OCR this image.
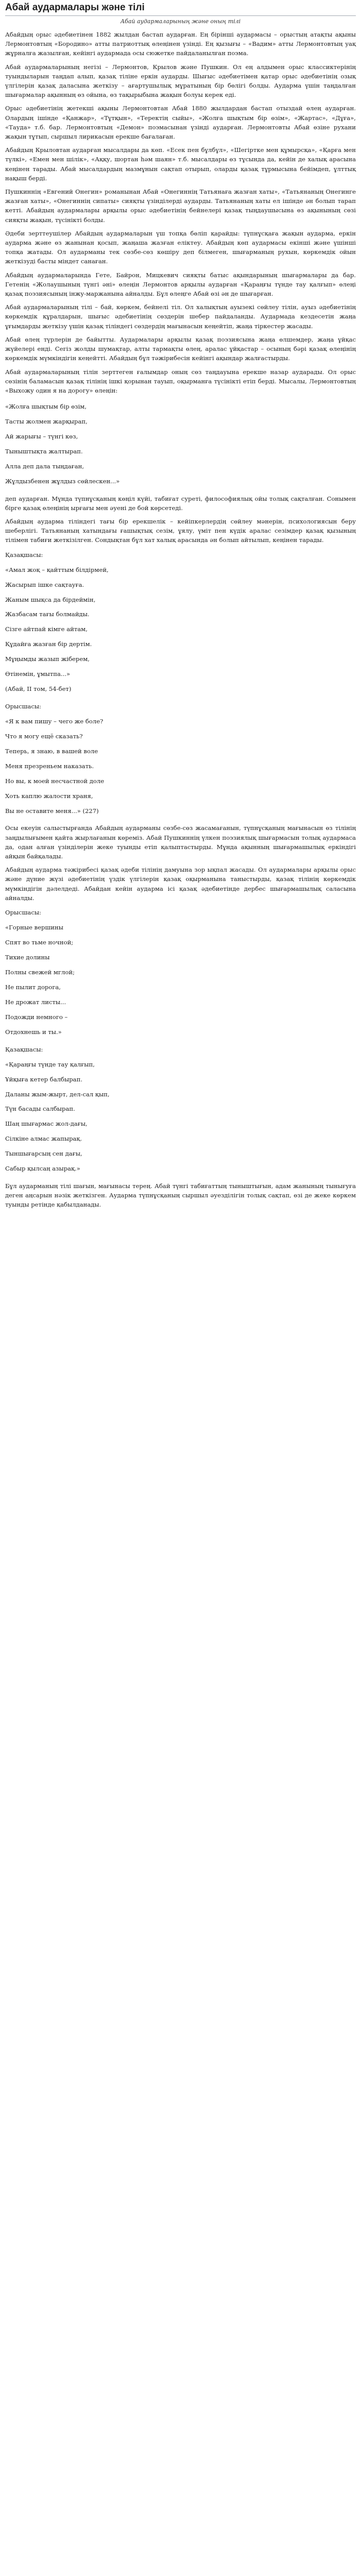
Абай аудармалары және тілі
Абай аудармаларының және оның тілі
Абайдың орыс әдебиетінен 1882 жылдан бастап аударған. Ең бірінші аудармасы – орыстың атақты ақыны Лермонтовтың «Бородино» атты патриоттық өлеңінен үзінді. Ең қызығы – «Вадим» атты Лермонтовтың уақ жұрналға жазылған, кейінгі аудармада осы сюжетке пайдаланылған поэма.
Абай аудармаларының негізі – Лермонтов, Крылов және Пушкин. Ол ең алдымен орыс классиктерінің туындыларын таңдап алып, қазақ тіліне еркін аударды. Шығыс әдебиетімен қатар орыс әдебиетінің озық үлгілерін қазақ даласына жеткізу – ағартушылық мұратының бір бөлігі болды. Аударма үшін таңдалған шығармалар ақынның өз ойына, өз тақырыбына жақын болуы керек еді.
Орыс әдебиетінің жетекші ақыны Лермонтовтан Абай 1880 жылдардан бастап отыздай өлең аударған. Олардың ішінде «Қанжар», «Тұтқын», «Теректің сыйы», «Жолға шықтым бір өзім», «Жартас», «Дұға», «Тауда» т.б. бар. Лермонтовтың «Демон» поэмасынан үзінді аударған. Лермонтовты Абай өзіне рухани жақын тұтып, сыршыл лирикасын ерекше бағалаған.
Абайдың Крыловтан аударған мысалдары да көп. «Есек пен бұлбұл», «Шегіртке мен құмырсқа», «Қарға мен түлкі», «Емен мен шілік», «Аққу, шортан һәм шаян» т.б. мысалдары өз тұсында да, кейін де халық арасына кеңінен тарады. Абай мысалдардың мазмұнын сақтап отырып, оларды қазақ тұрмысына бейімдеп, ұлттық нақыш берді.
Пушкиннің «Евгений Онегин» романынан Абай «Онегиннің Татьянаға жазған хаты», «Татьянаның Онегинге жазған хаты», «Онегиннің сипаты» сияқты үзінділерді аударды. Татьянаның хаты ел ішінде ән болып тарап кетті. Абайдың аудармалары арқылы орыс әдебиетінің бейнелері қазақ тыңдаушысына өз ақынының сөзі сияқты жақын, түсінікті болды.
Әдеби зерттеушілер Абайдың аудармаларын үш топқа бөліп қарайды: түпнұсқаға жақын аударма, еркін аударма және өз жанынан қосып, жаңаша жазған еліктеу. Абайдың көп аудармасы екінші және үшінші топқа жатады. Ол аударманы тек сөзбе-сөз көшіру деп білмеген, шығарманың рухын, көркемдік ойын жеткізуді басты міндет санаған.
Абайдың аудармаларында Гете, Байрон, Мицкевич сияқты батыс ақындарының шығармалары да бар. Гетенің «Жолаушының түнгі әні» өлеңін Лермонтов арқылы аударған «Қараңғы түнде тау қалғып» өлеңі қазақ поэзиясының інжу-маржанына айналды. Бұл өлеңге Абай өзі ән де шығарған.
Абай аудармаларының тілі – бай, көркем, бейнелі тіл. Ол халықтың ауызекі сөйлеу тілін, ауыз әдебиетінің көркемдік құралдарын, шығыс әдебиетінің сөздерін шебер пайдаланды. Аудармада кездесетін жаңа ұғымдарды жеткізу үшін қазақ тіліндегі сөздердің мағынасын кеңейтіп, жаңа тіркестер жасады.
Абай өлең түрлерін де байытты. Аудармалары арқылы қазақ поэзиясына жаңа өлшемдер, жаңа ұйқас жүйелері енді. Сегіз жолды шумақтар, алты тармақты өлең, аралас ұйқастар – осының бәрі қазақ өлеңінің көркемдік мүмкіндігін кеңейтті. Абайдың бұл тәжірибесін кейінгі ақындар жалғастырды.
Абай аудармаларының тілін зерттеген ғалымдар оның сөз таңдауына ерекше назар аударады. Ол орыс сөзінің баламасын қазақ тілінің ішкі қорынан тауып, оқырманға түсінікті етіп берді. Мысалы, Лермонтовтың «Выхожу один я на дорогу» өлеңін:
«Жолға шықтым бір өзім,
Тасты жолмен жарқырап,
Ай жарығы – түнгі көз,
Тыныштықта жалтырап.
Алла деп дала тыңдаған,
Жұлдызбенен жұлдыз сөйлескен...»
деп аударған. Мұнда түпнұсқаның көңіл күйі, табиғат суреті, философиялық ойы толық сақталған. Сонымен бірге қазақ өлеңінің ырғағы мен әуені де бой көрсетеді.
Абайдың аударма тіліндегі тағы бір ерекшелік – кейіпкерлердің сөйлеу мәнерін, психологиясын беру шеберлігі. Татьянаның хатындағы ғашықтық сезім, ұялу, үміт пен күдік аралас сезімдер қазақ қызының тілімен табиғи жеткізілген. Сондықтан бұл хат халық арасында ән болып айтылып, кеңінен тарады.
Қазақшасы:
«Амал жоқ – қайттым білдірмей,
Жасырып ішке сақтауға.
Жаным шықса да бірдеймін,
Жазбасам тағы болмайды.
Сізге айтпай кімге айтам,
Құдайға жазған бір дертім.
Мұңымды жазып жіберем,
Өтінемін, ұмытпа...»
(Абай, II том, 54-бет)
Орысшасы:
«Я к вам пишу – чего же боле?
Что я могу ещё сказать?
Теперь, я знаю, в вашей воле
Меня презреньем наказать.
Но вы, к моей несчастной доле
Хоть каплю жалости храня,
Вы не оставите меня...» (227)
Осы екеуін салыстырғанда Абайдың аударманы сөзбе-сөз жасамағанын, түпнұсқаның мағынасын өз тілінің заңдылығымен қайта жырлағанын көреміз. Абай Пушкиннің үлкен поэзиялық шығармасын толық аудармаса да, одан алған үзінділерін жеке туынды етіп қалыптастырды. Мұнда ақынның шығармашылық еркіндігі айқын байқалады.
Абайдың аударма тәжірибесі қазақ әдеби тілінің дамуына зор ықпал жасады. Ол аудармалары арқылы орыс және дүние жүзі әдебиетінің үздік үлгілерін қазақ оқырманына таныстырды, қазақ тілінің көркемдік мүмкіндігін дәлелдеді. Абайдан кейін аударма ісі қазақ әдебиетінде дербес шығармашылық саласына айналды.
Орысшасы:
«Горные вершины
Спят во тьме ночной;
Тихие долины
Полны свежей мглой;
Не пылит дорога,
Не дрожат листы...
Подожди немного –
Отдохнешь и ты.»
Қазақшасы:
«Қараңғы түнде тау қалғып,
Ұйқыға кетер балбырап.
Даланы жым-жырт, дел-сал қып,
Түн басады салбырап.
Шаң шығармас жол-дағы,
Сілкіне алмас жапырақ.
Тыншығарсың сен дағы,
Сабыр қылсаң азырақ.»
Бұл аударманың тілі шағын, мағынасы терең. Абай түнгі табиғаттың тыныштығын, адам жанының тынығуға деген аңсарын нәзік жеткізген. Аударма түпнұсқаның сыршыл әуезділігін толық сақтап, өзі де жеке көркем туынды ретінде қабылданады.
